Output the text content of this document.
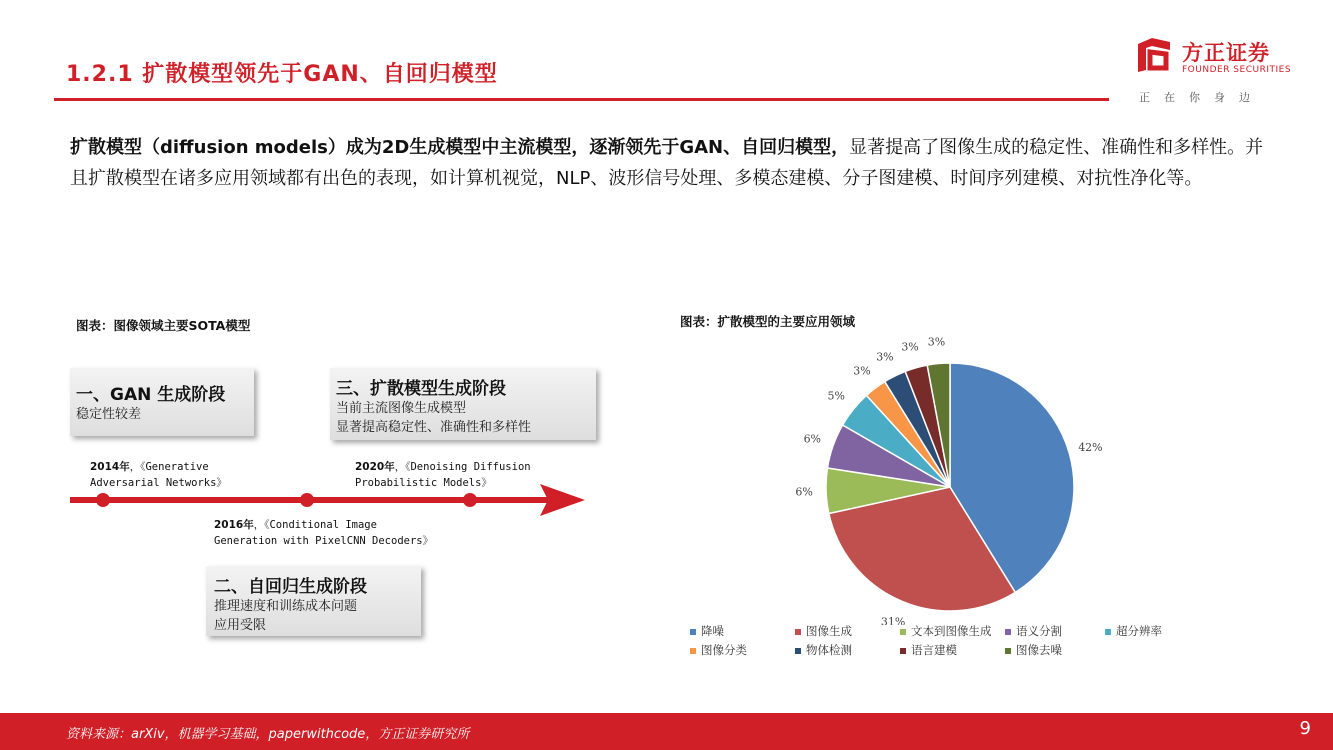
1.2.1 扩散模型领先于GAN、自回归模型
方正证券
FOUNDER SECURITIES
正在你身边
扩散模型（diffusion models）成为2D生成模型中主流模型，逐渐领先于GAN、自回归模型，显著提高了图像生成的稳定性、准确性和多样性。并且扩散模型在诸多应用领域都有出色的表现，如计算机视觉，NLP、波形信号处理、多模态建模、分子图建模、时间序列建模、对抗性净化等。
图表：图像领域主要SOTA模型
一、GAN 生成阶段
稳定性较差
三、扩散模型生成阶段
当前主流图像生成模型
显著提高稳定性、准确性和多样性
二、自回归生成阶段
推理速度和训练成本问题
应用受限
2014年，《Generative
Adversarial Networks》
2020年，《Denoising Diffusion
Probabilistic Models》
2016年，《Conditional Image
Generation with PixelCNN Decoders》
图表：扩散模型的主要应用领域
42%
31%
6%
6%
5%
3%
3%
3% 3%
降噪	图像生成	文本到图像生成	语义分割	超分辨率
图像分类	物体检测	语言建模	图像去噪
资料来源：arXiv，机器学习基础，paperwithcode，方正证券研究所	9
